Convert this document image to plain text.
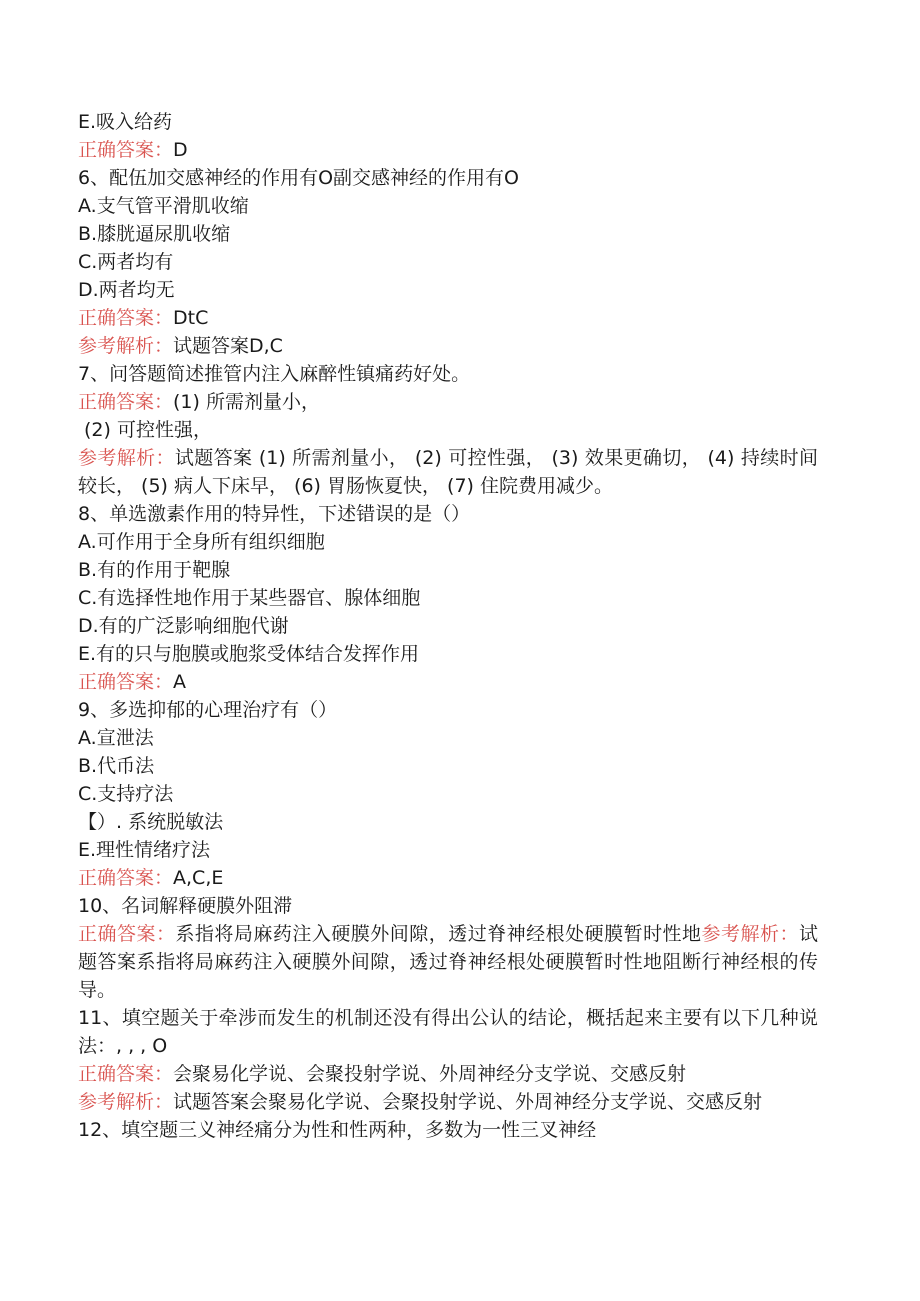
E.吸入给药
正确答案：D
6、配伍加交感神经的作用有O副交感神经的作用有O
A.支气管平滑肌收缩
B.膝胱逼尿肌收缩
C.两者均有
D.两者均无
正确答案：DtC
参考解析：试题答案D,C
7、问答题简述推管内注入麻醉性镇痛药好处。
正确答案：(1) 所需剂量小，
(2) 可控性强，
参考解析：试题答案 (1) 所需剂量小， (2) 可控性强， (3) 效果更确切， (4) 持续时间较长， (5) 病人下床早， (6) 胃肠恢夏快， (7) 住院费用减少。
8、单选激素作用的特异性，下述错误的是（）
A.可作用于全身所有组织细胞
B.有的作用于靶腺
C.有选择性地作用于某些器官、腺体细胞
D.有的广泛影响细胞代谢
E.有的只与胞膜或胞浆受体结合发挥作用
正确答案：A
9、多选抑郁的心理治疗有（）
A.宣泄法
B.代币法
C.支持疗法
【）. 系统脱敏法
E.理性情绪疗法
正确答案：A,C,E
10、名词解释硬膜外阻滞
正确答案：系指将局麻药注入硬膜外间隙，透过脊神经根处硬膜暂时性地参考解析：试题答案系指将局麻药注入硬膜外间隙，透过脊神经根处硬膜暂时性地阻断行神经根的传导。
11、填空题关于牵涉而发生的机制还没有得出公认的结论，概括起来主要有以下几种说法：, , , O
正确答案：会聚易化学说、会聚投射学说、外周神经分支学说、交感反射
参考解析：试题答案会聚易化学说、会聚投射学说、外周神经分支学说、交感反射
12、填空题三义神经痛分为性和性两种，多数为一性三叉神经
